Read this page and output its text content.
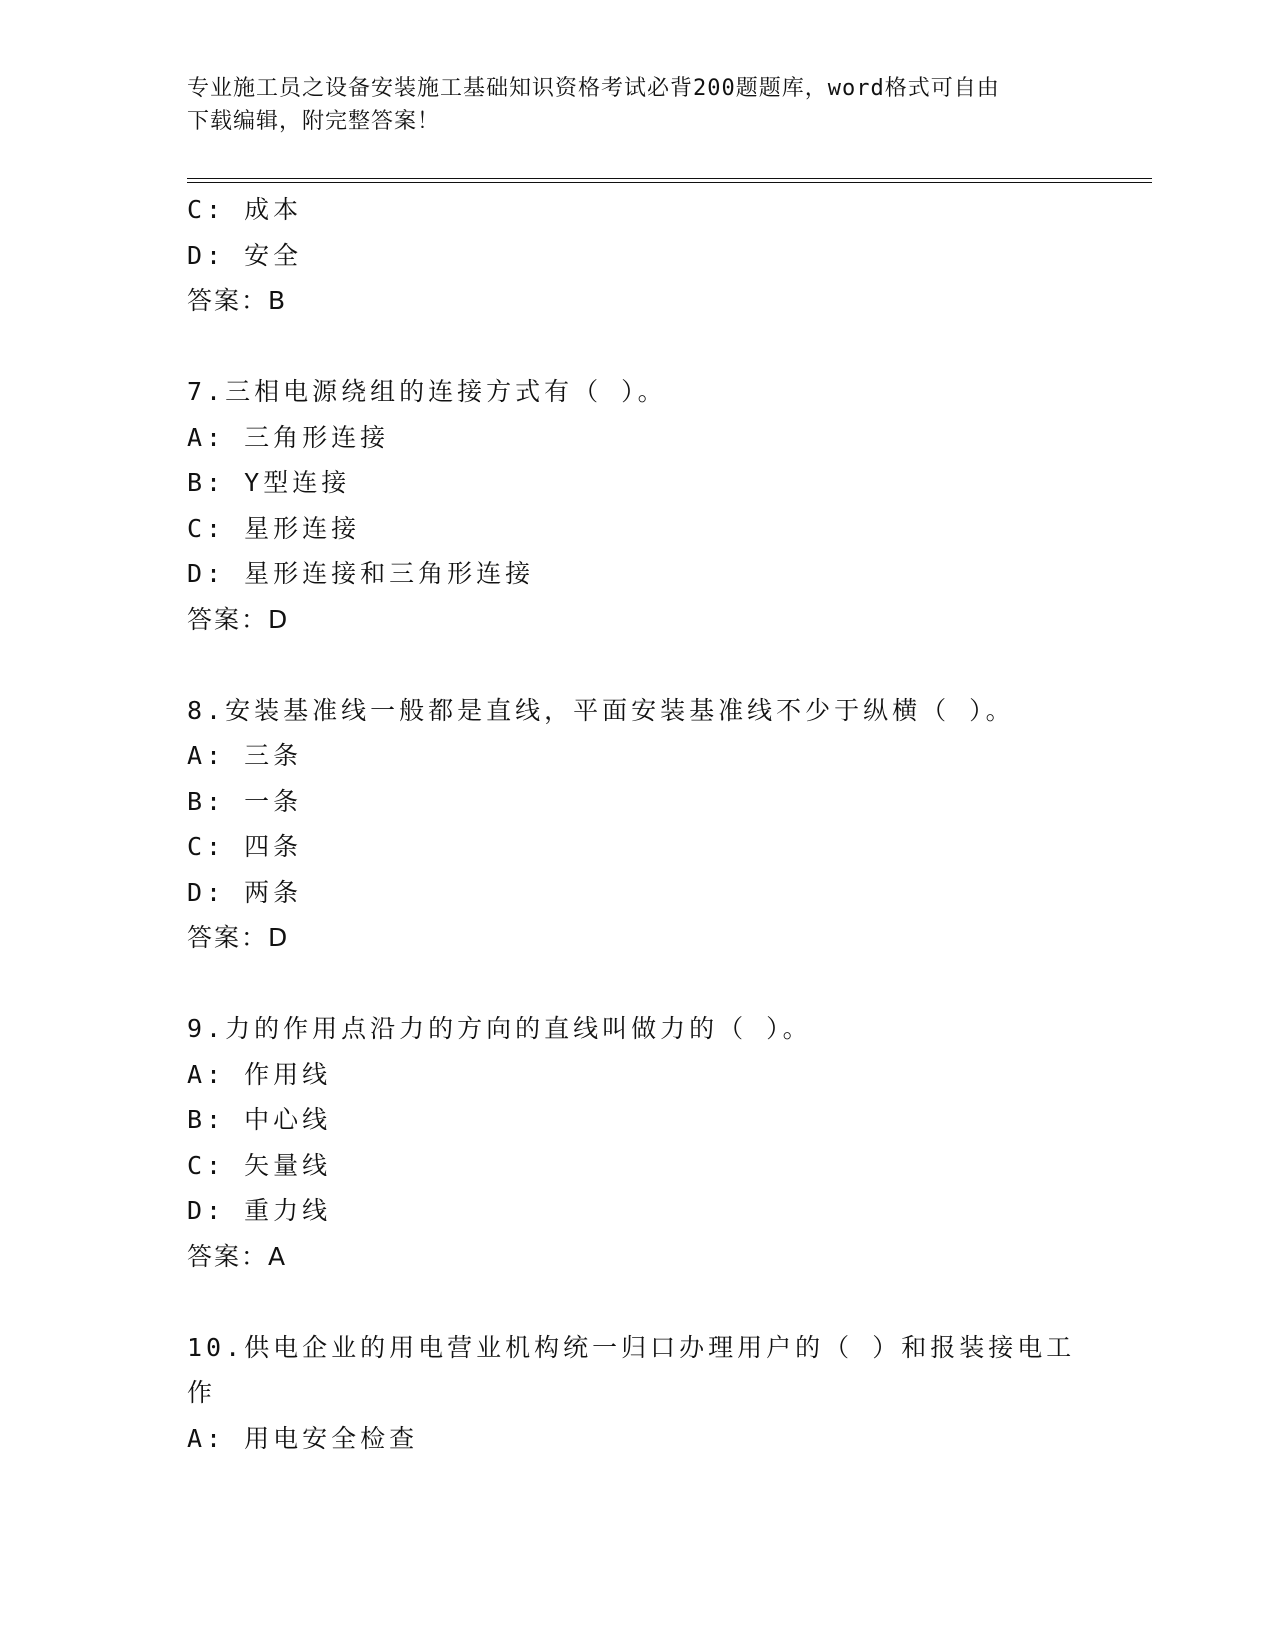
专业施工员之设备安装施工基础知识资格考试必背200题题库，word格式可自由
下载编辑，附完整答案！
C: 成本
D: 安全
答案：B
7.三相电源绕组的连接方式有（ ）。
A: 三角形连接
B: Y型连接
C: 星形连接
D: 星形连接和三角形连接
答案：D
8.安装基准线一般都是直线，平面安装基准线不少于纵横（ ）。
A: 三条
B: 一条
C: 四条
D: 两条
答案：D
9.力的作用点沿力的方向的直线叫做力的（ ）。
A: 作用线
B: 中心线
C: 矢量线
D: 重力线
答案：A
10.供电企业的用电营业机构统一归口办理用户的（ ）和报装接电工
作
A: 用电安全检查
